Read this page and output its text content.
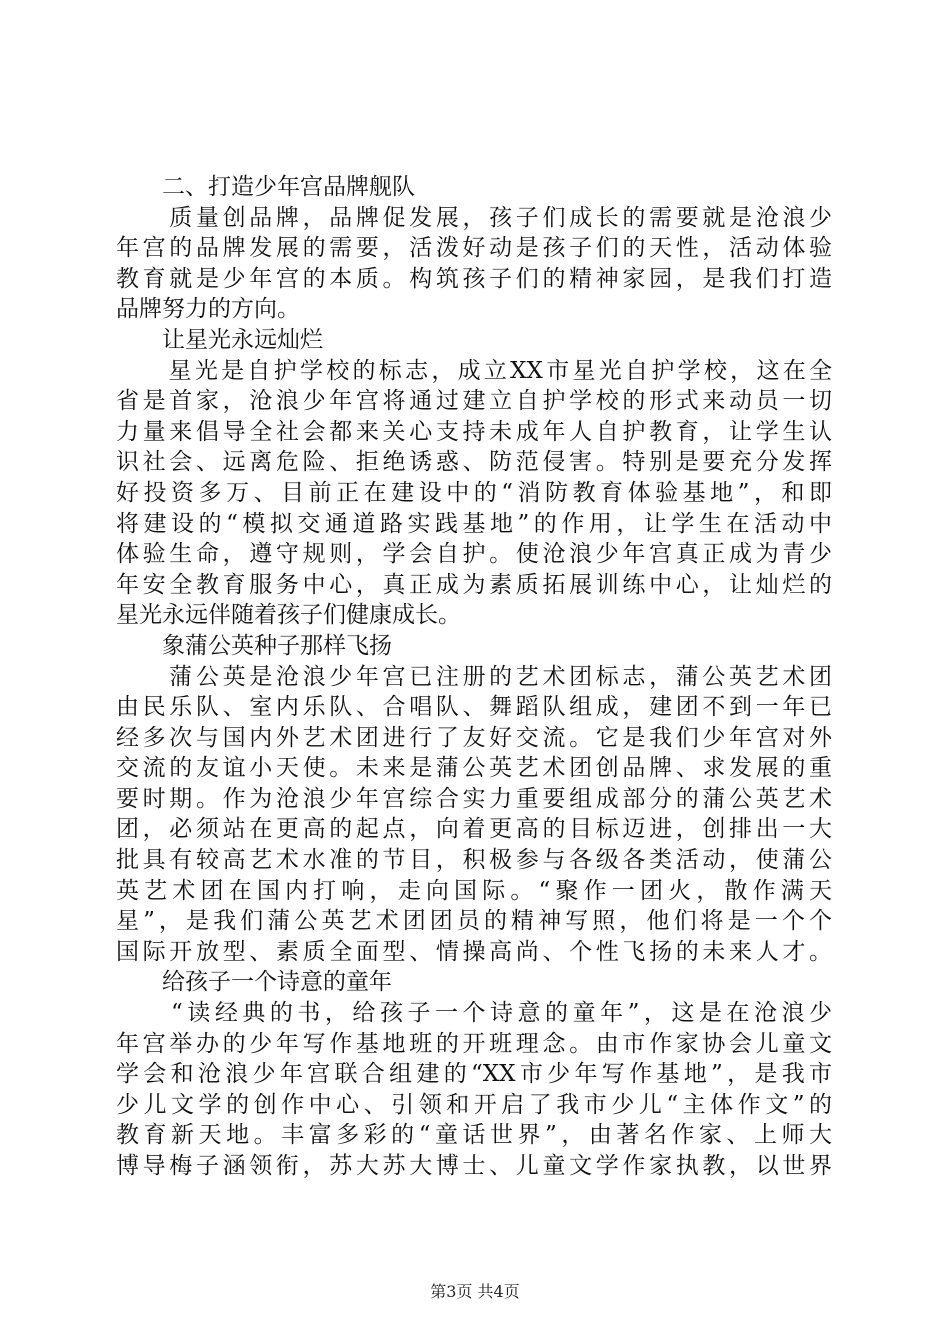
　　二、打造少年宫品牌舰队
　　质量创品牌，品牌促发展，孩子们成长的需要就是沧浪少
年宫的品牌发展的需要，活泼好动是孩子们的天性，活动体验
教育就是少年宫的本质。构筑孩子们的精神家园，是我们打造
品牌努力的方向。
　　让星光永远灿烂
　　星光是自护学校的标志，成立XX市星光自护学校，这在全
省是首家，沧浪少年宫将通过建立自护学校的形式来动员一切
力量来倡导全社会都来关心支持未成年人自护教育，让学生认
识社会、远离危险、拒绝诱惑、防范侵害。特别是要充分发挥
好投资多万、目前正在建设中的“消防教育体验基地”，和即
将建设的“模拟交通道路实践基地”的作用，让学生在活动中
体验生命，遵守规则，学会自护。使沧浪少年宫真正成为青少
年安全教育服务中心，真正成为素质拓展训练中心，让灿烂的
星光永远伴随着孩子们健康成长。
　　象蒲公英种子那样飞扬
　　蒲公英是沧浪少年宫已注册的艺术团标志，蒲公英艺术团
由民乐队、室内乐队、合唱队、舞蹈队组成，建团不到一年已
经多次与国内外艺术团进行了友好交流。它是我们少年宫对外
交流的友谊小天使。未来是蒲公英艺术团创品牌、求发展的重
要时期。作为沧浪少年宫综合实力重要组成部分的蒲公英艺术
团，必须站在更高的起点，向着更高的目标迈进，创排出一大
批具有较高艺术水准的节目，积极参与各级各类活动，使蒲公
英艺术团在国内打响，走向国际。“聚作一团火，散作满天
星”，是我们蒲公英艺术团团员的精神写照，他们将是一个个
国际开放型、素质全面型、情操高尚、个性飞扬的未来人才。
　　给孩子一个诗意的童年
　　“读经典的书，给孩子一个诗意的童年”，这是在沧浪少
年宫举办的少年写作基地班的开班理念。由市作家协会儿童文
学会和沧浪少年宫联合组建的“XX市少年写作基地”，是我市
少儿文学的创作中心、引领和开启了我市少儿“主体作文”的
教育新天地。丰富多彩的“童话世界”，由著名作家、上师大
博导梅子涵领衔，苏大苏大博士、儿童文学作家执教，以世界
第3页 共4页
